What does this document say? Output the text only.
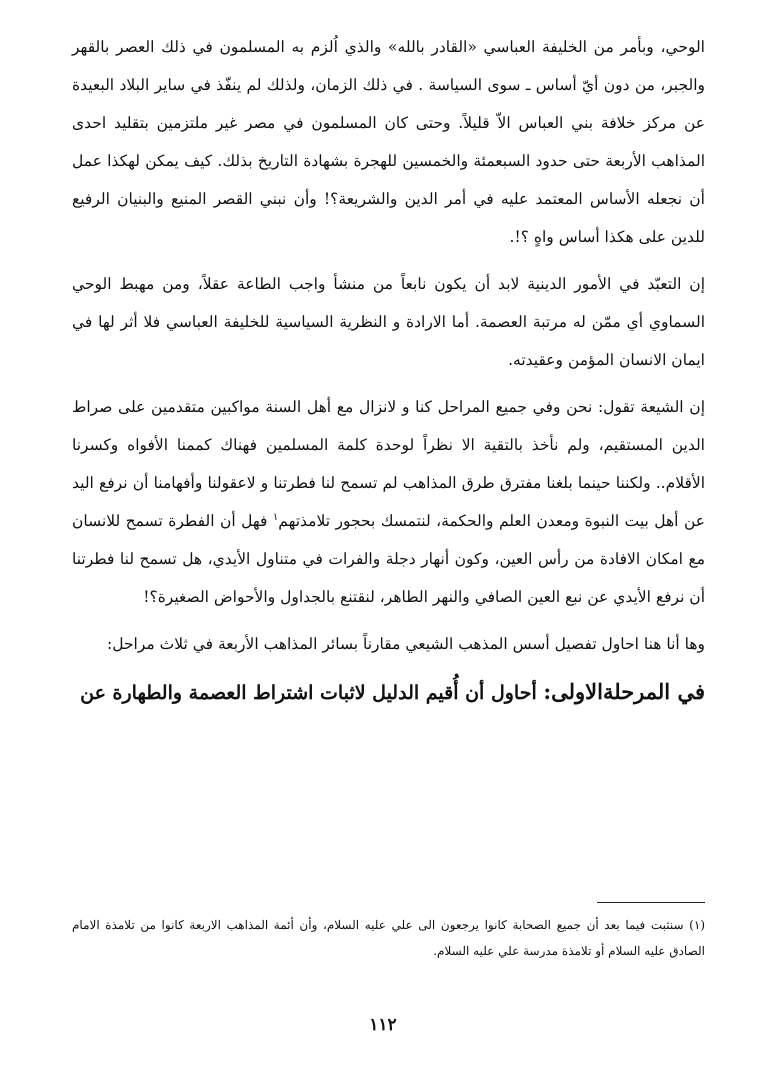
الوحي، وبأمر من الخليفة العباسي «القادر بالله» والذي اُلزم به المسلمون في ذلك العصر بالقهر والجبر، من دون أيّ أساس ـ سوى السياسة . في ذلك الزمان، ولذلك لم ينفّذ في ساير البلاد البعيدة عن مركز خلافة بني العباس الاّ قليلاً. وحتى كان المسلمون في مصر غير ملتزمين بتقليد احدى المذاهب الأربعة حتى حدود السبعمئة والخمسين للهجرة بشهادة التاريخ بذلك. كيف يمكن لهكذا عمل أن نجعله الأساس المعتمد عليه في أمر الدين والشريعة؟! وأن نبني القصر المنيع والبنيان الرفيع للدين على هكذا أساس واهٍ ؟!.

إن التعبّد في الأمور الدينية لابد أن يكون نابعاً من منشأ واجب الطاعة عقلاً، ومن مهبط الوحي السماوي أي ممّن له مرتبة العصمة. أما الارادة و النظرية السياسية للخليفة العباسي فلا أثر لها في ايمان الانسان المؤمن وعقيدته.

إن الشيعة تقول: نحن وفي جميع المراحل كنا و لانزال مع أهل السنة مواكبين متقدمين على صراط الدين المستقيم، ولم نأخذ بالتقية الا نظراً لوحدة كلمة المسلمين فهناك كممنا الأفواه وكسرنا الأقلام.. ولكننا حينما بلغنا مفترق طرق المذاهب لم تسمح لنا فطرتنا و لاعقولنا وأفهامنا أن نرفع اليد عن أهل بيت النبوة ومعدن العلم والحكمة، لنتمسك بحجور تلامذتهم$^١$ فهل أن الفطرة تسمح للانسان مع امكان الافادة من رأس العين، وكون أنهار دجلة والفرات في متناول الأيدي، هل تسمح لنا فطرتنا أن نرفع الأيدي عن نبع العين الصافي والنهر الطاهر، لنقتنع بالجداول والأحواض الصغيرة؟!

وها أنا هنا احاول تفصيل أسس المذهب الشيعي مقارناً بسائر المذاهب الأربعة في ثلاث مراحل:

في المرحلةالاولى: أحاول أن أُقيم الدليل لاثبات اشتراط العصمة والطهارة عن

(١) سنثبت فيما بعد أن جميع الصحابة كانوا يرجعون الى علي عليه السلام، وأن أئمة المذاهب الاربعة كانوا من تلامذة الامام الصادق عليه السلام أو تلامذة مدرسة علي عليه السلام.

١١٢
